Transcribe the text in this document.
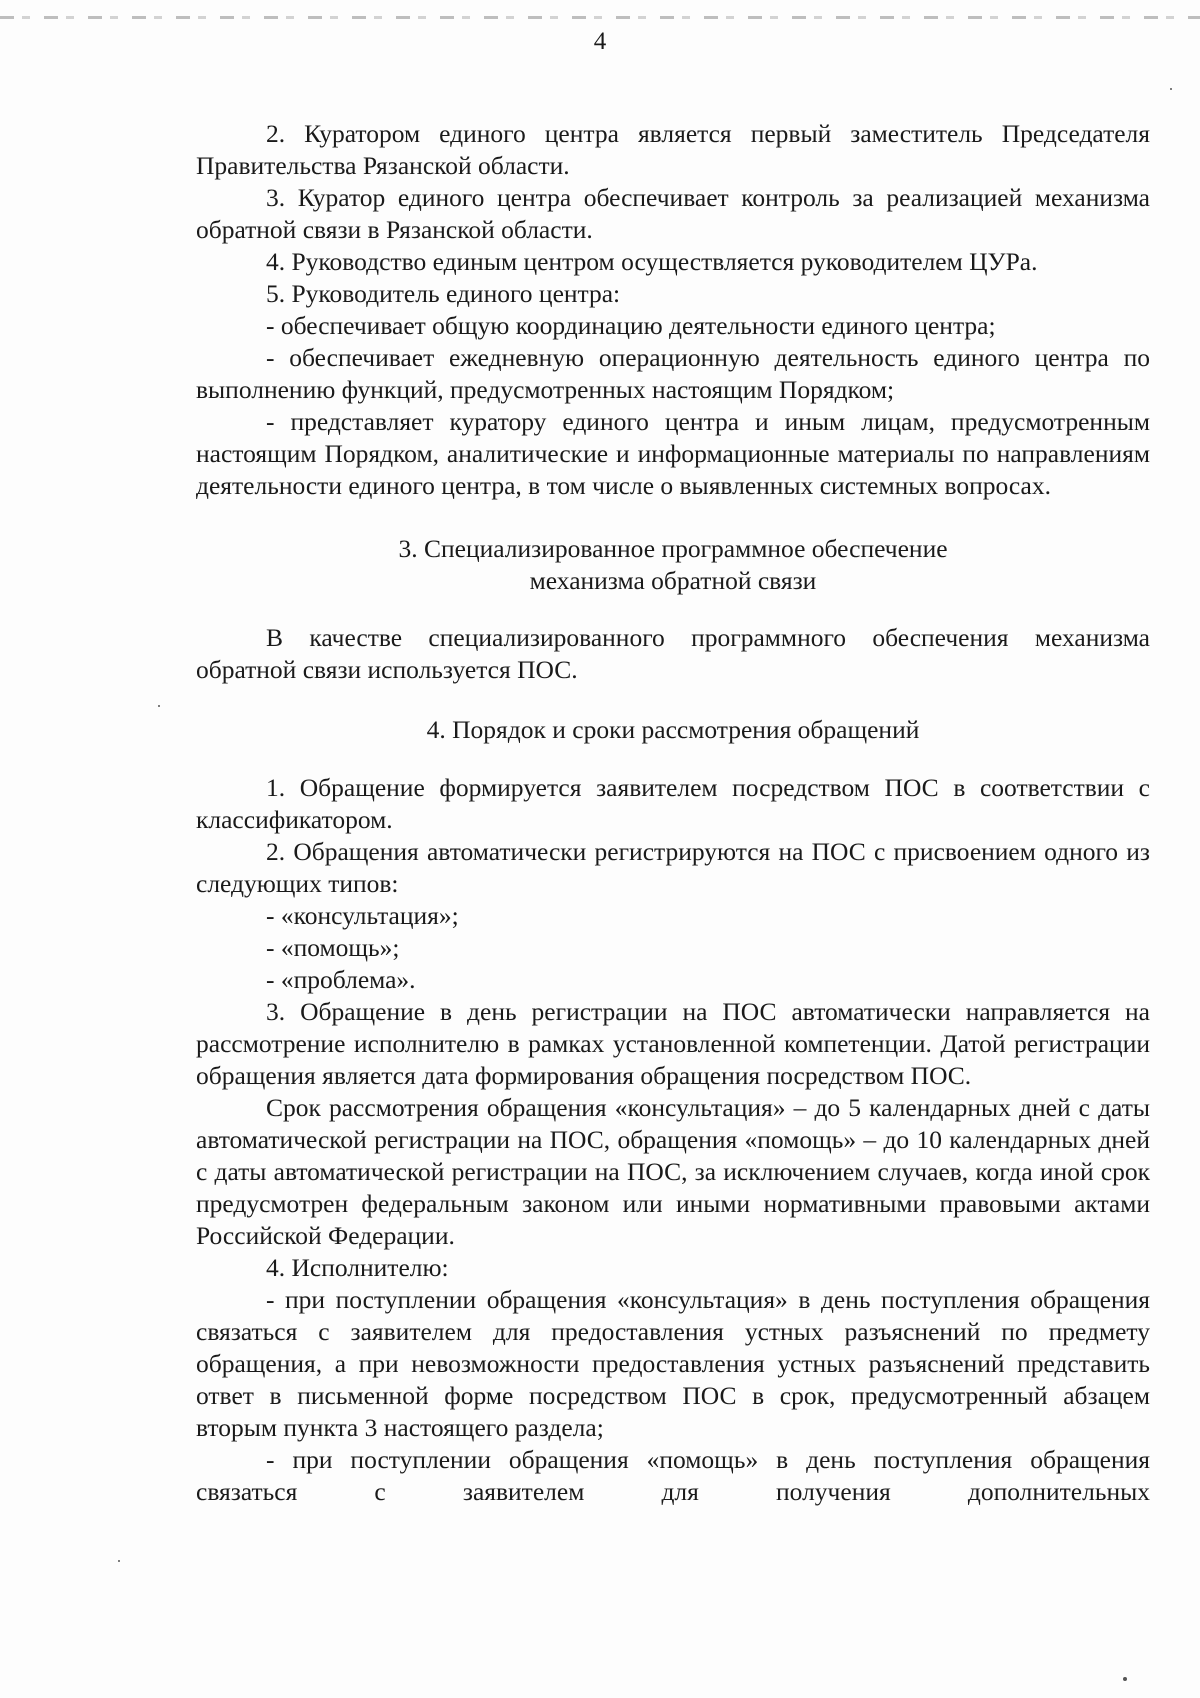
4

2. Куратором единого центра является первый заместитель Председателя Правительства Рязанской области.

3. Куратор единого центра обеспечивает контроль за реализацией механизма обратной связи в Рязанской области.

4. Руководство единым центром осуществляется руководителем ЦУРа.

5. Руководитель единого центра:

- обеспечивает общую координацию деятельности единого центра;

- обеспечивает ежедневную операционную деятельность единого центра по выполнению функций, предусмотренных настоящим Порядком;

- представляет куратору единого центра и иным лицам, предусмотренным настоящим Порядком, аналитические и информационные материалы по направлениям деятельности единого центра, в том числе о выявленных системных вопросах.

3. Специализированное программное обеспечение

механизма обратной связи

В качестве специализированного программного обеспечения механизма обратной связи используется ПОС.

4. Порядок и сроки рассмотрения обращений

1. Обращение формируется заявителем посредством ПОС в соответствии с классификатором.

2. Обращения автоматически регистрируются на ПОС с присвоением одного из следующих типов:

- «консультация»;

- «помощь»;

- «проблема».

3. Обращение в день регистрации на ПОС автоматически направляется на рассмотрение исполнителю в рамках установленной компетенции. Датой регистрации обращения является дата формирования обращения посредством ПОС.

Срок рассмотрения обращения «консультация» – до 5 календарных дней с даты автоматической регистрации на ПОС, обращения «помощь» – до 10 календарных дней с даты автоматической регистрации на ПОС, за исключением случаев, когда иной срок предусмотрен федеральным законом или иными нормативными правовыми актами Российской Федерации.

4. Исполнителю:

- при поступлении обращения «консультация» в день поступления обращения связаться с заявителем для предоставления устных разъяснений по предмету обращения, а при невозможности предоставления устных разъяснений представить ответ в письменной форме посредством ПОС в срок, предусмотренный абзацем вторым пункта 3 настоящего раздела;

- при поступлении обращения «помощь» в день поступления обращения связаться с заявителем для получения дополнительных
